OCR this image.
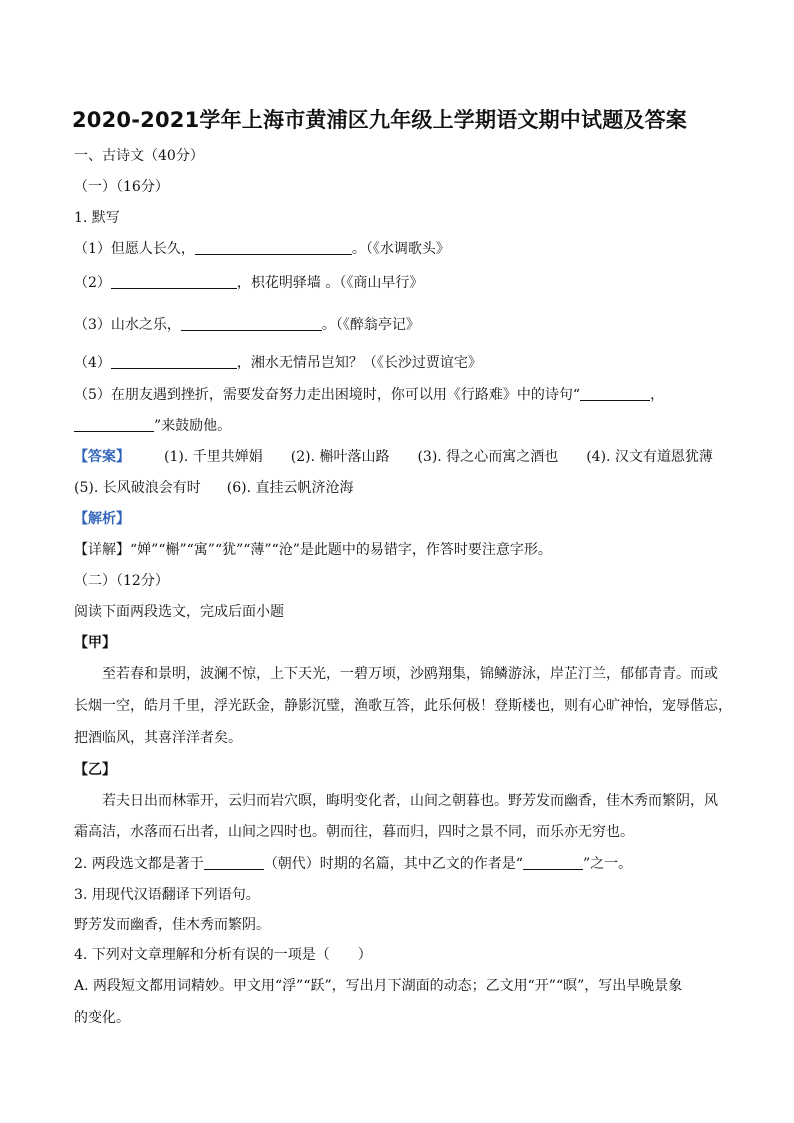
2020-2021学年上海市黄浦区九年级上学期语文期中试题及答案
一、古诗文（40分）
（一）（16分）
1. 默写
（1）但愿人长久，	。（《水调歌头》
（2）	，枳花明驿墙 。（《商山早行》
（3）山水之乐，	。（《醉翁亭记》
（4）	，湘水无情吊岂知？（《长沙过贾谊宅》
（5）在朋友遇到挫折，需要发奋努力走出困境时，你可以用《行路难》中的诗句“	，
”来鼓励他。
【答案】 (1). 千里共婵娟 (2). 槲叶落山路 (3). 得之心而寓之酒也 (4). 汉文有道恩犹薄
(5). 长风破浪会有时 (6). 直挂云帆济沧海
【解析】
【详解】“婵”“槲”“寓”“犹”“薄”“沧”是此题中的易错字，作答时要注意字形。
（二）（12分）
阅读下面两段选文，完成后面小题
【甲】
至若春和景明，波澜不惊，上下天光，一碧万顷，沙鸥翔集，锦鳞游泳，岸芷汀兰，郁郁青青。而或
长烟一空，皓月千里，浮光跃金，静影沉璧，渔歌互答，此乐何极！登斯楼也，则有心旷神怡，宠辱偕忘，
把酒临风，其喜洋洋者矣。
【乙】
若夫日出而林霏开，云归而岩穴暝，晦明变化者，山间之朝暮也。野芳发而幽香，佳木秀而繁阴，风
霜高洁，水落而石出者，山间之四时也。朝而往，暮而归，四时之景不同，而乐亦无穷也。
2. 两段选文都是著于	（朝代）时期的名篇，其中乙文的作者是“	”之一。
3. 用现代汉语翻译下列语句。
野芳发而幽香，佳木秀而繁阴。
4. 下列对文章理解和分析有误的一项是（　　）
A. 两段短文都用词精妙。甲文用“浮”“跃”，写出月下湖面的动态；乙文用“开”“暝”，写出早晚景象
的变化。
